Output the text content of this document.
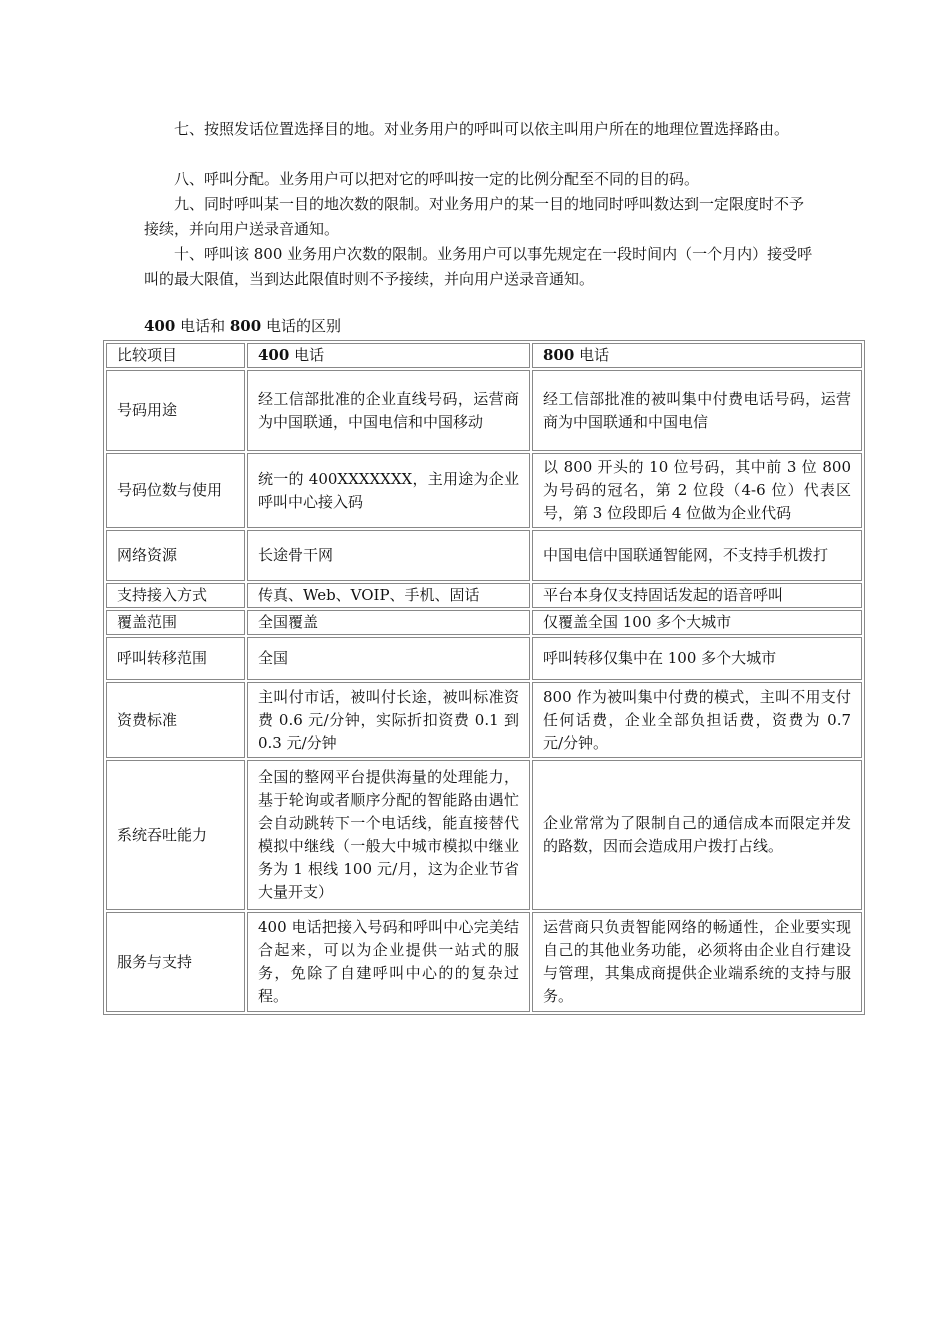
七、按照发话位置选择目的地。对业务用户的呼叫可以依主叫用户所在的地理位置选择路由。

八、呼叫分配。业务用户可以把对它的呼叫按一定的比例分配至不同的目的码。

九、同时呼叫某一目的地次数的限制。对业务用户的某一目的地同时呼叫数达到一定限度时不予接续，并向用户送录音通知。

十、呼叫该 800 业务用户次数的限制。业务用户可以事先规定在一段时间内（一个月内）接受呼叫的最大限值，当到达此限值时则不予接续，并向用户送录音通知。

400 电话和 800 电话的区别
比较项目	400 电话	800 电话
号码用途	经工信部批准的企业直线号码，运营商为中国联通，中国电信和中国移动	经工信部批准的被叫集中付费电话号码，运营商为中国联通和中国电信
号码位数与使用	统一的 400XXXXXXX，主用途为企业呼叫中心接入码	以 800 开头的 10 位号码，其中前 3 位 800 为号码的冠名，第 2 位段（4-6 位）代表区号，第 3 位段即后 4 位做为企业代码
网络资源	长途骨干网	中国电信中国联通智能网，不支持手机拨打
支持接入方式	传真、Web、VOIP、手机、固话	平台本身仅支持固话发起的语音呼叫
覆盖范围	全国覆盖	仅覆盖全国 100 多个大城市
呼叫转移范围	全国	呼叫转移仅集中在 100 多个大城市
资费标准	主叫付市话，被叫付长途，被叫标准资费 0.6 元/分钟，实际折扣资费 0.1 到 0.3 元/分钟	800 作为被叫集中付费的模式，主叫不用支付任何话费，企业全部负担话费，资费为 0.7 元/分钟。
系统吞吐能力	全国的整网平台提供海量的处理能力，基于轮询或者顺序分配的智能路由遇忙会自动跳转下一个电话线，能直接替代模拟中继线（一般大中城市模拟中继业务为 1 根线 100 元/月，这为企业节省大量开支）	企业常常为了限制自己的通信成本而限定并发的路数，因而会造成用户拨打占线。
服务与支持	400 电话把接入号码和呼叫中心完美结合起来，可以为企业提供一站式的服务，免除了自建呼叫中心的的复杂过程。	运营商只负责智能网络的畅通性，企业要实现自己的其他业务功能，必须将由企业自行建设与管理，其集成商提供企业端系统的支持与服务。
